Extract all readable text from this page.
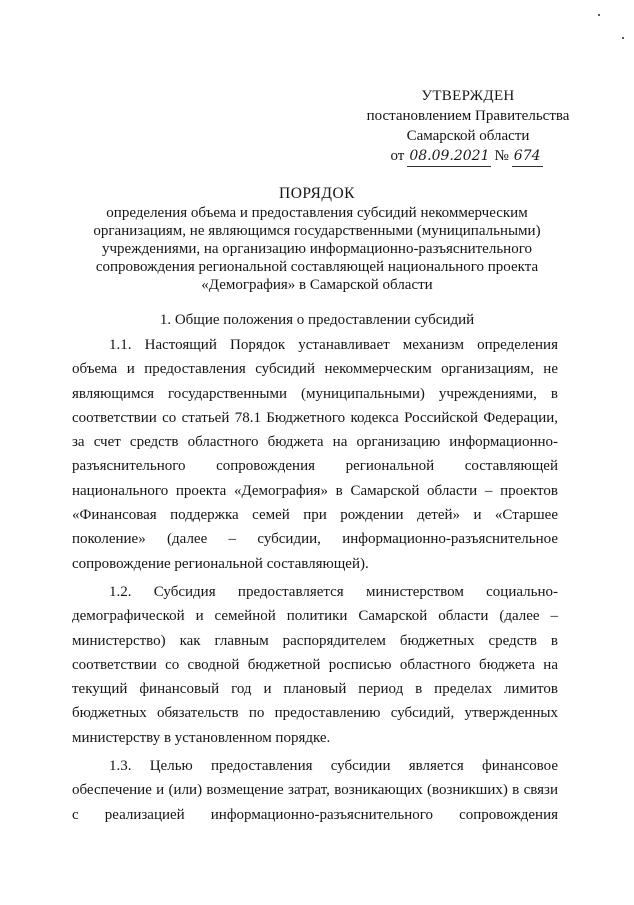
УТВЕРЖДЕН
постановлением Правительства
Самарской области
от 08.09.2021 № 674
ПОРЯДОК
определения объема и предоставления субсидий некоммерческим
организациям, не являющимся государственными (муниципальными)
учреждениями, на организацию информационно-разъяснительного
сопровождения региональной составляющей национального проекта
«Демография» в Самарской области
1. Общие положения о предоставлении субсидий

1.1. Настоящий Порядок устанавливает механизм определения объема и предоставления субсидий некоммерческим организациям, не являющимся государственными (муниципальными) учреждениями, в соответствии со статьей 78.1 Бюджетного кодекса Российской Федерации, за счет средств областного бюджета на организацию информационно-разъяснительного сопровождения региональной составляющей национального проекта «Демография» в Самарской области – проектов «Финансовая поддержка семей при рождении детей» и «Старшее поколение» (далее – субсидии, информационно-разъяснительное сопровождение региональной составляющей).

1.2. Субсидия предоставляется министерством социально-демографической и семейной политики Самарской области (далее – министерство) как главным распорядителем бюджетных средств в соответствии со сводной бюджетной росписью областного бюджета на текущий финансовый год и плановый период в пределах лимитов бюджетных обязательств по предоставлению субсидий, утвержденных министерству в установленном порядке.

1.3. Целью предоставления субсидии является финансовое обеспечение и (или) возмещение затрат, возникающих (возникших) в связи с реализацией информационно-разъяснительного сопровождения
